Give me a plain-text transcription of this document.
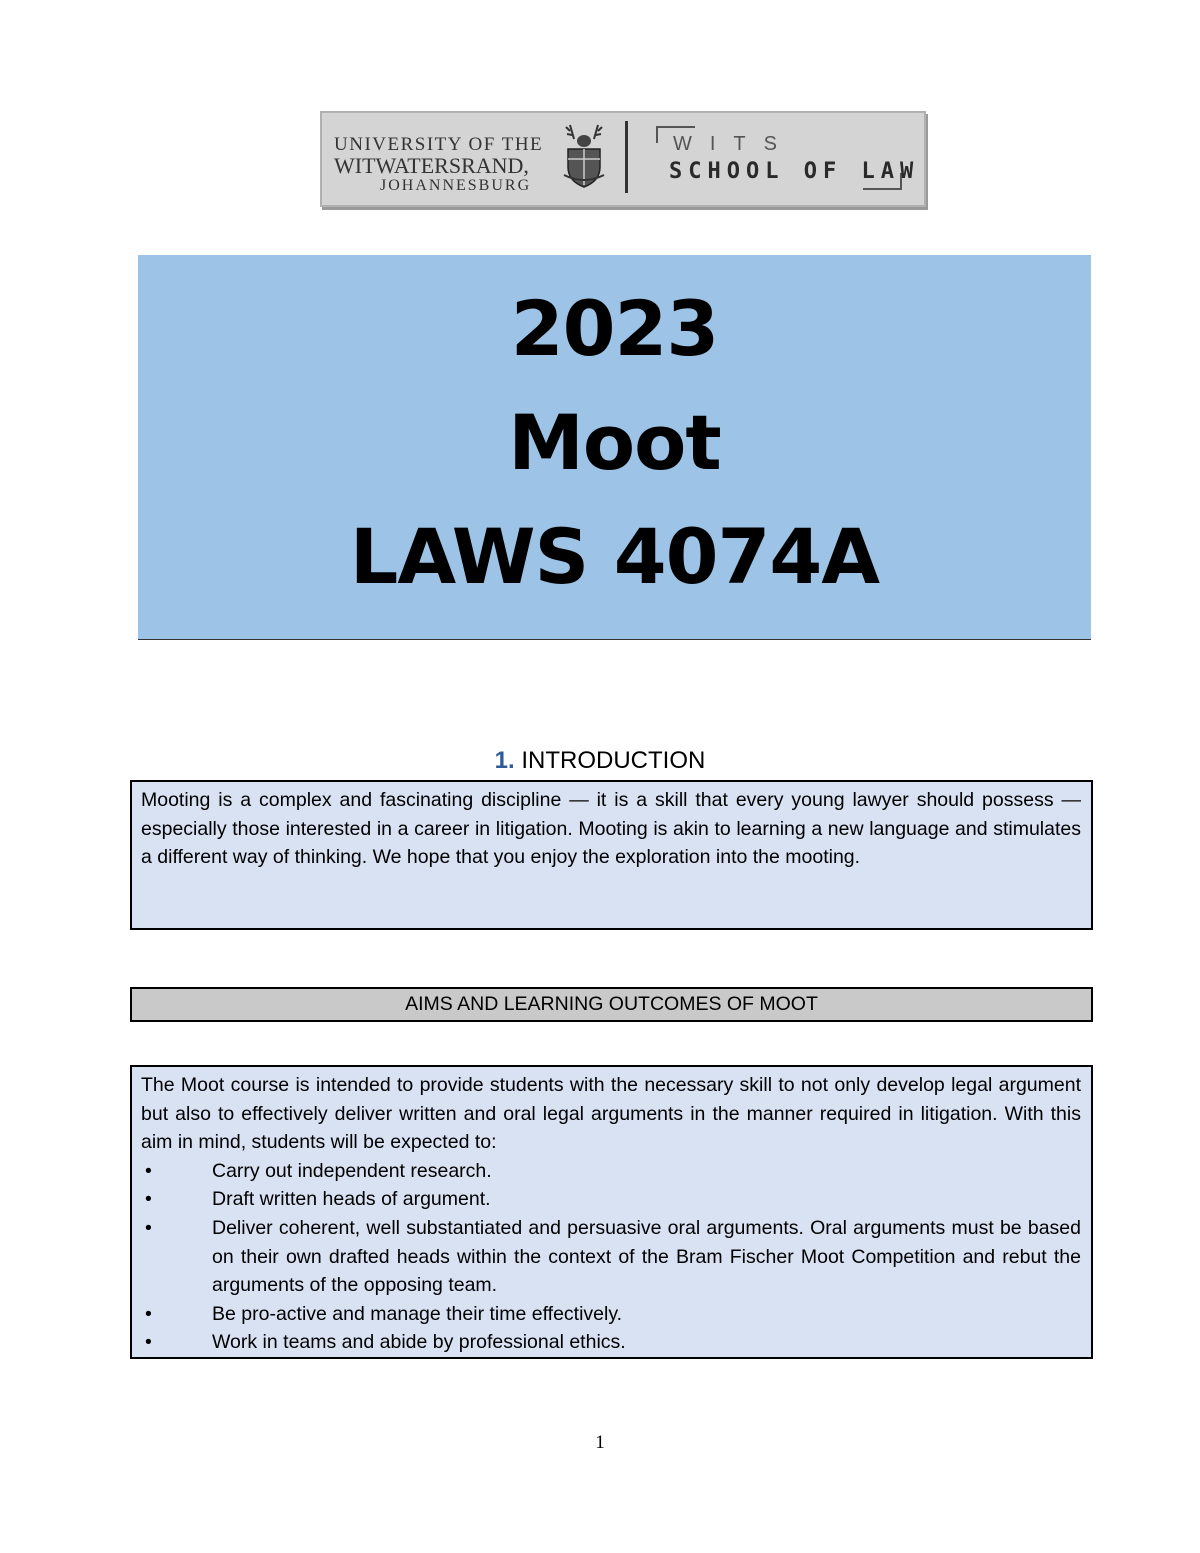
UNIVERSITY OF THE
WITWATERSRAND,
JOHANNESBURG
WITS
SCHOOL OF LAW
2023
Moot
LAWS 4074A
1. INTRODUCTION
Mooting is a complex and fascinating discipline — it is a skill that every young lawyer should possess — especially those interested in a career in litigation. Mooting is akin to learning a new language and stimulates a different way of thinking. We hope that you enjoy the exploration into the mooting.
AIMS AND LEARNING OUTCOMES OF MOOT
The Moot course is intended to provide students with the necessary skill to not only develop legal argument but also to effectively deliver written and oral legal arguments in the manner required in litigation. With this aim in mind, students will be expected to:
•	Carry out independent research.
•	Draft written heads of argument.
•	Deliver coherent, well substantiated and persuasive oral arguments. Oral arguments must be based on their own drafted heads within the context of the Bram Fischer Moot Competition and rebut the arguments of the opposing team.
•	Be pro-active and manage their time effectively.
•	Work in teams and abide by professional ethics.
1
